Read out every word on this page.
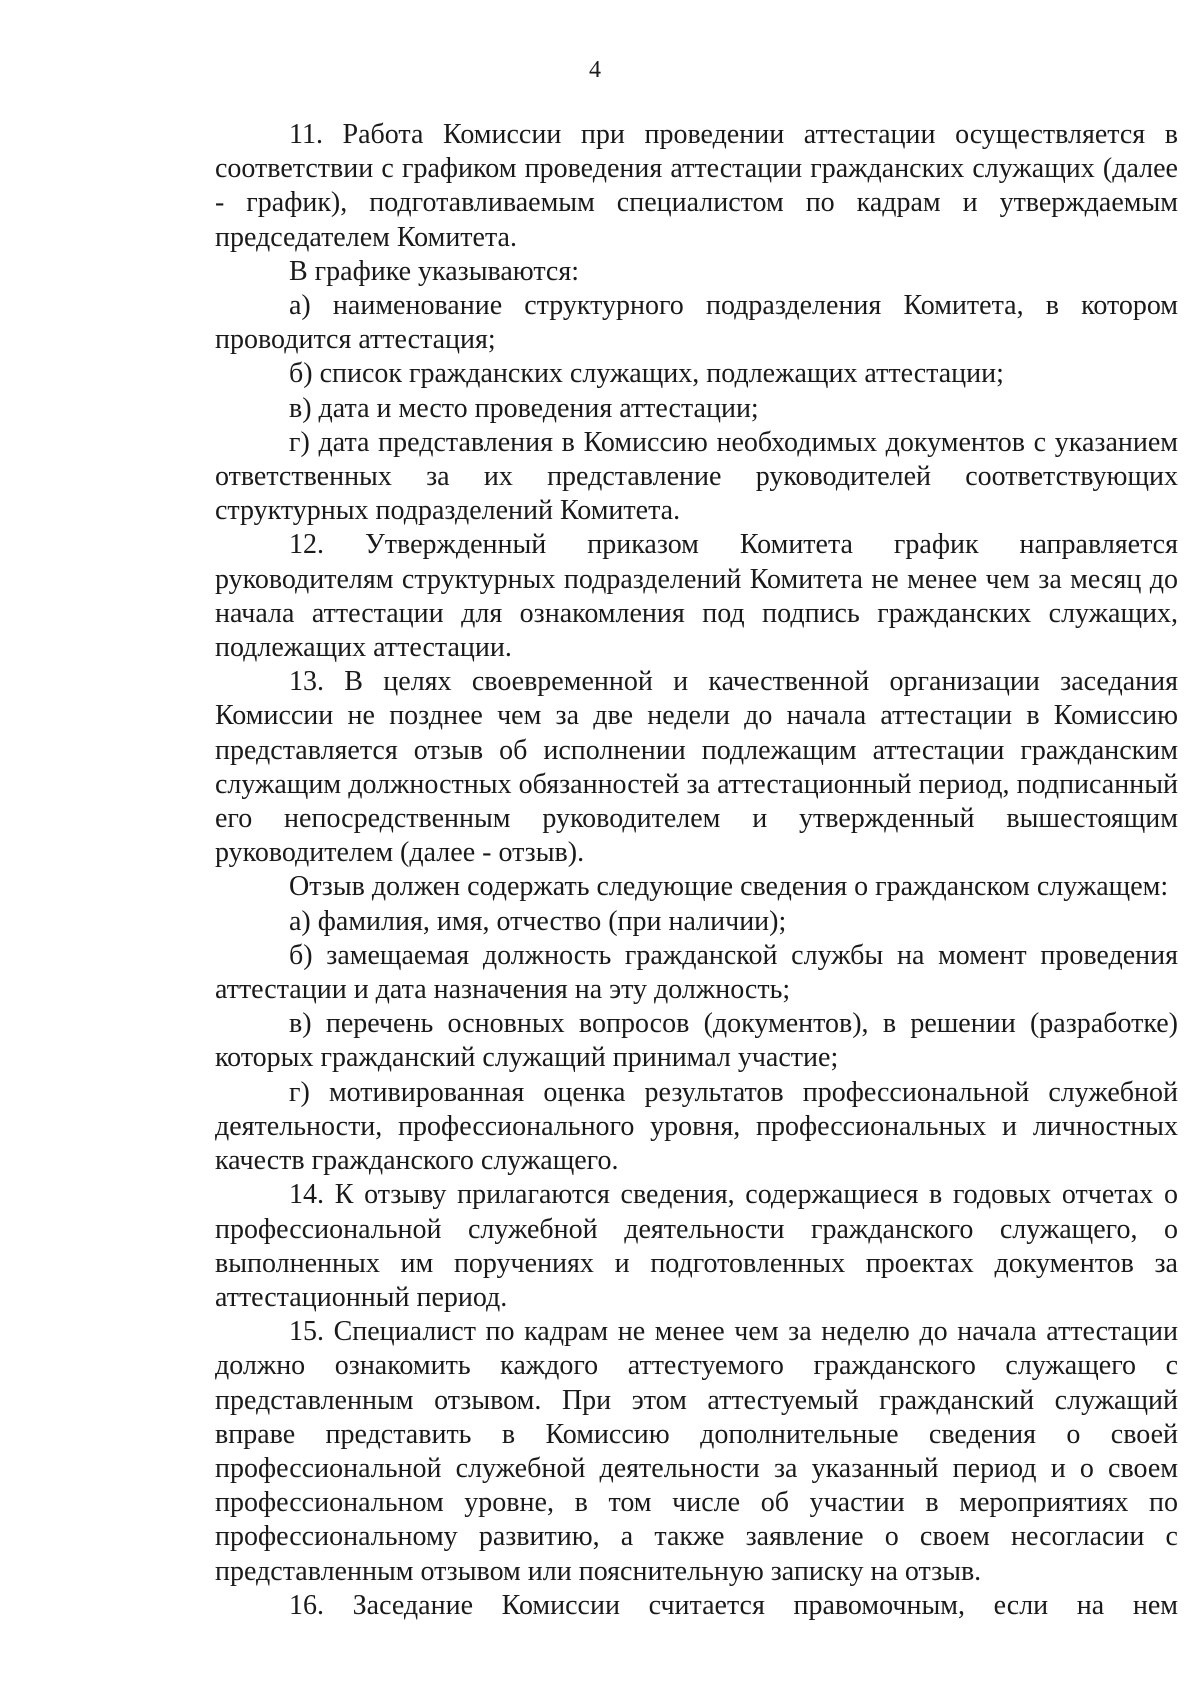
4

11. Работа Комиссии при проведении аттестации осуществляется в соответствии с графиком проведения аттестации гражданских служащих (далее - график), подготавливаемым специалистом по кадрам и утверждаемым председателем Комитета.

В графике указываются:

а) наименование структурного подразделения Комитета, в котором проводится аттестация;

б) список гражданских служащих, подлежащих аттестации;

в) дата и место проведения аттестации;

г) дата представления в Комиссию необходимых документов с указанием ответственных за их представление руководителей соответствующих структурных подразделений Комитета.

12. Утвержденный приказом Комитета график направляется руководителям структурных подразделений Комитета не менее чем за месяц до начала аттестации для ознакомления под подпись гражданских служащих, подлежащих аттестации.

13. В целях своевременной и качественной организации заседания Комиссии не позднее чем за две недели до начала аттестации в Комиссию представляется отзыв об исполнении подлежащим аттестации гражданским служащим должностных обязанностей за аттестационный период, подписанный его непосредственным руководителем и утвержденный вышестоящим руководителем (далее - отзыв).

Отзыв должен содержать следующие сведения о гражданском служащем:

а) фамилия, имя, отчество (при наличии);

б) замещаемая должность гражданской службы на момент проведения аттестации и дата назначения на эту должность;

в) перечень основных вопросов (документов), в решении (разработке) которых гражданский служащий принимал участие;

г) мотивированная оценка результатов профессиональной служебной деятельности, профессионального уровня, профессиональных и личностных качеств гражданского служащего.

14. К отзыву прилагаются сведения, содержащиеся в годовых отчетах о профессиональной служебной деятельности гражданского служащего, о выполненных им поручениях и подготовленных проектах документов за аттестационный период.

15. Специалист по кадрам не менее чем за неделю до начала аттестации должно ознакомить каждого аттестуемого гражданского служащего с представленным отзывом. При этом аттестуемый гражданский служащий вправе представить в Комиссию дополнительные сведения о своей профессиональной служебной деятельности за указанный период и о своем профессиональном уровне, в том числе об участии в мероприятиях по профессиональному развитию, а также заявление о своем несогласии с представленным отзывом или пояснительную записку на отзыв.

16. Заседание Комиссии считается правомочным, если на нем
